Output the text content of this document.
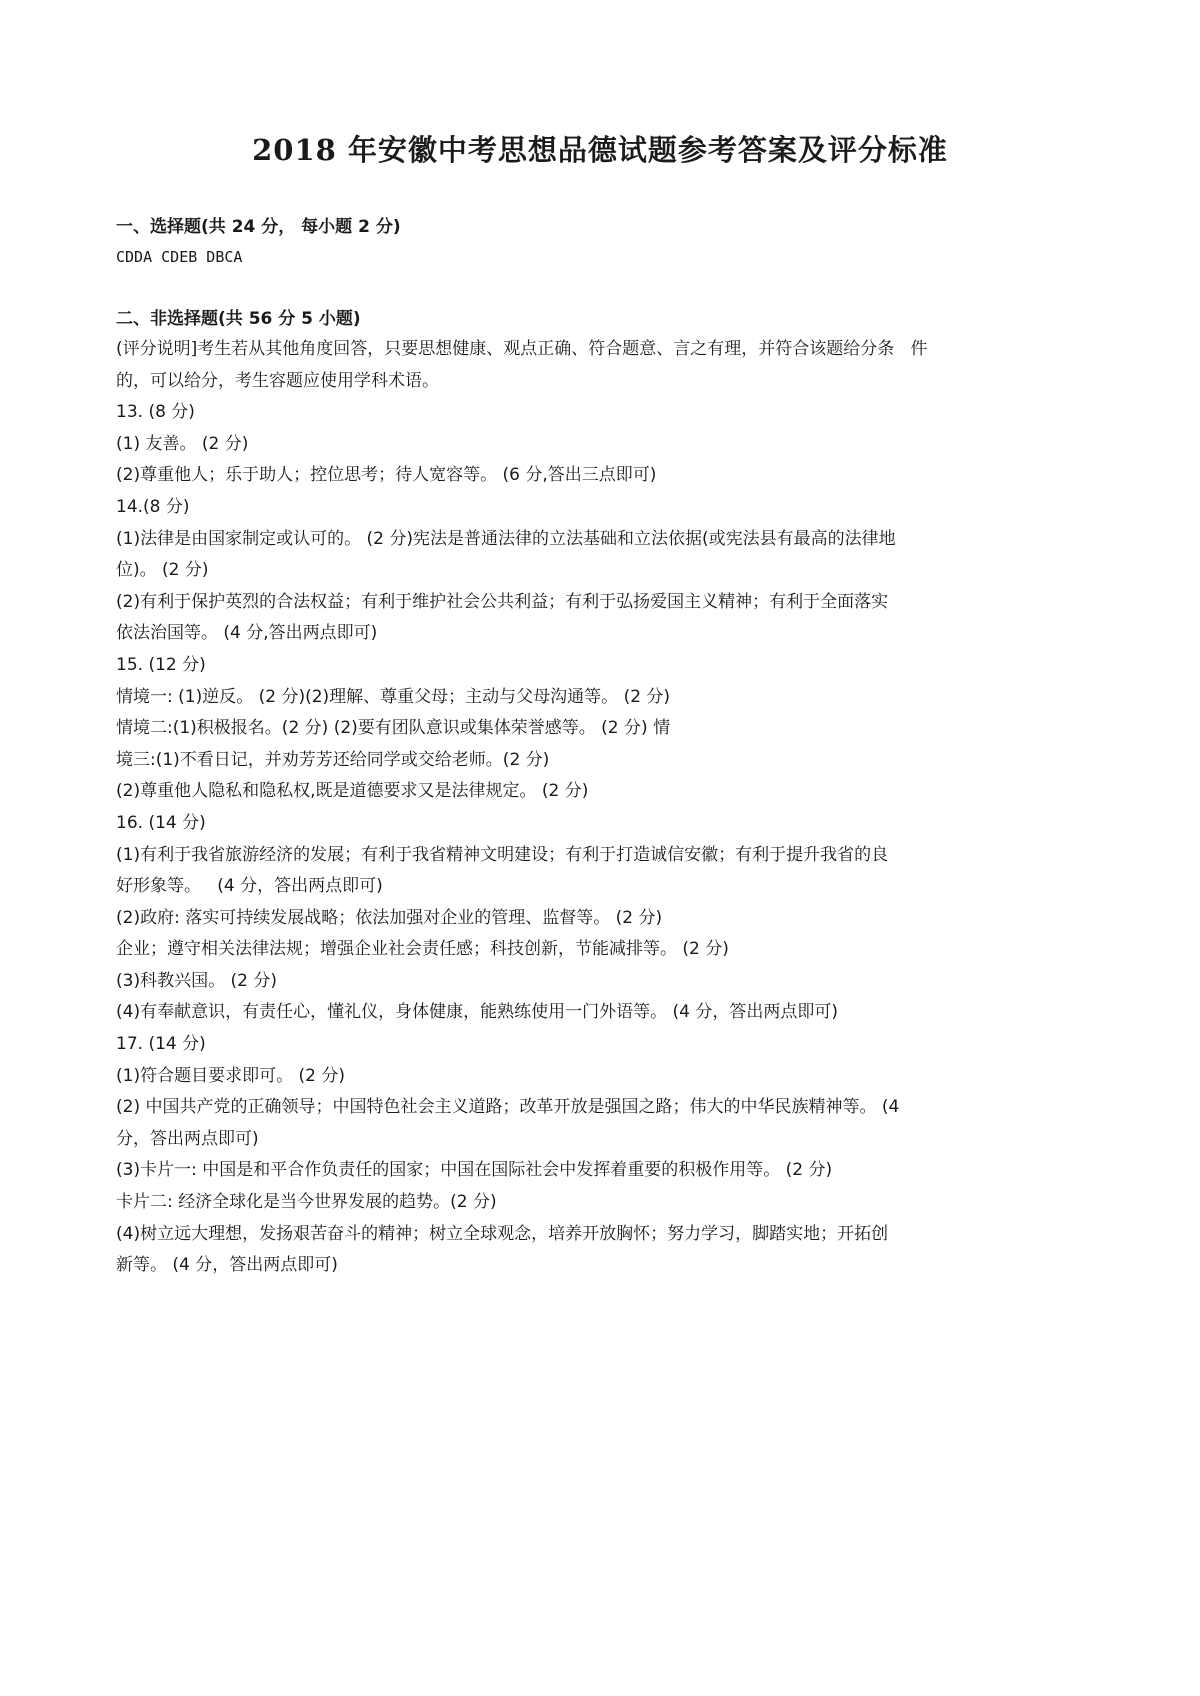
2018 年安徽中考思想品德试题参考答案及评分标准

一、选择题(共 24 分， 每小题 2 分)

CDDA CDEB DBCA

二、非选择题(共 56 分 5 小题)

(评分说明]考生若从其他角度回答，只要思想健康、观点正确、符合题意、言之有理，并符合该题给分条   件

的，可以给分，考生容题应使用学科术语。

13. (8 分)

(1) 友善。 (2 分)

(2)尊重他人；乐于助人；控位思考；待人宽容等。 (6 分,答出三点即可)

14.(8 分)

(1)法律是由国家制定或认可的。 (2 分)宪法是普通法律的立法基础和立法依据(或宪法县有最高的法律地

位)。 (2 分)

(2)有利于保护英烈的合法权益；有利于维护社会公共利益；有利于弘扬爱国主义精神；有利于全面落实

依法治国等。 (4 分,答出两点即可)

15. (12 分)

情境一: (1)逆反。 (2 分)(2)理解、尊重父母；主动与父母沟通等。 (2 分)

情境二:(1)积极报名。(2 分) (2)要有团队意识或集体荣誉感等。 (2 分) 情

境三:(1)不看日记，并劝芳芳还给同学或交给老师。(2 分)

(2)尊重他人隐私和隐私权,既是道德要求又是法律规定。 (2 分)

16. (14 分)

(1)有利于我省旅游经济的发展；有利于我省精神文明建设；有利于打造诚信安徽；有利于提升我省的良

好形象等。   (4 分，答出两点即可)

(2)政府: 落实可持续发展战略；依法加强对企业的管理、监督等。 (2 分)

企业；遵守相关法律法规；增强企业社会责任感；科技创新，节能减排等。 (2 分)

(3)科教兴国。 (2 分)

(4)有奉献意识，有责任心，懂礼仪，身体健康，能熟练使用一门外语等。 (4 分，答出两点即可)

17. (14 分)

(1)符合题目要求即可。 (2 分)

(2) 中国共产党的正确领导；中国特色社会主义道路；改革开放是强国之路；伟大的中华民族精神等。 (4

分，答出两点即可)

(3)卡片一: 中国是和平合作负责任的国家；中国在国际社会中发挥着重要的积极作用等。 (2 分)

卡片二: 经济全球化是当今世界发展的趋势。(2 分)

(4)树立远大理想，发扬艰苦奋斗的精神；树立全球观念，培养开放胸怀；努力学习，脚踏实地；开拓创

新等。 (4 分，答出两点即可)
